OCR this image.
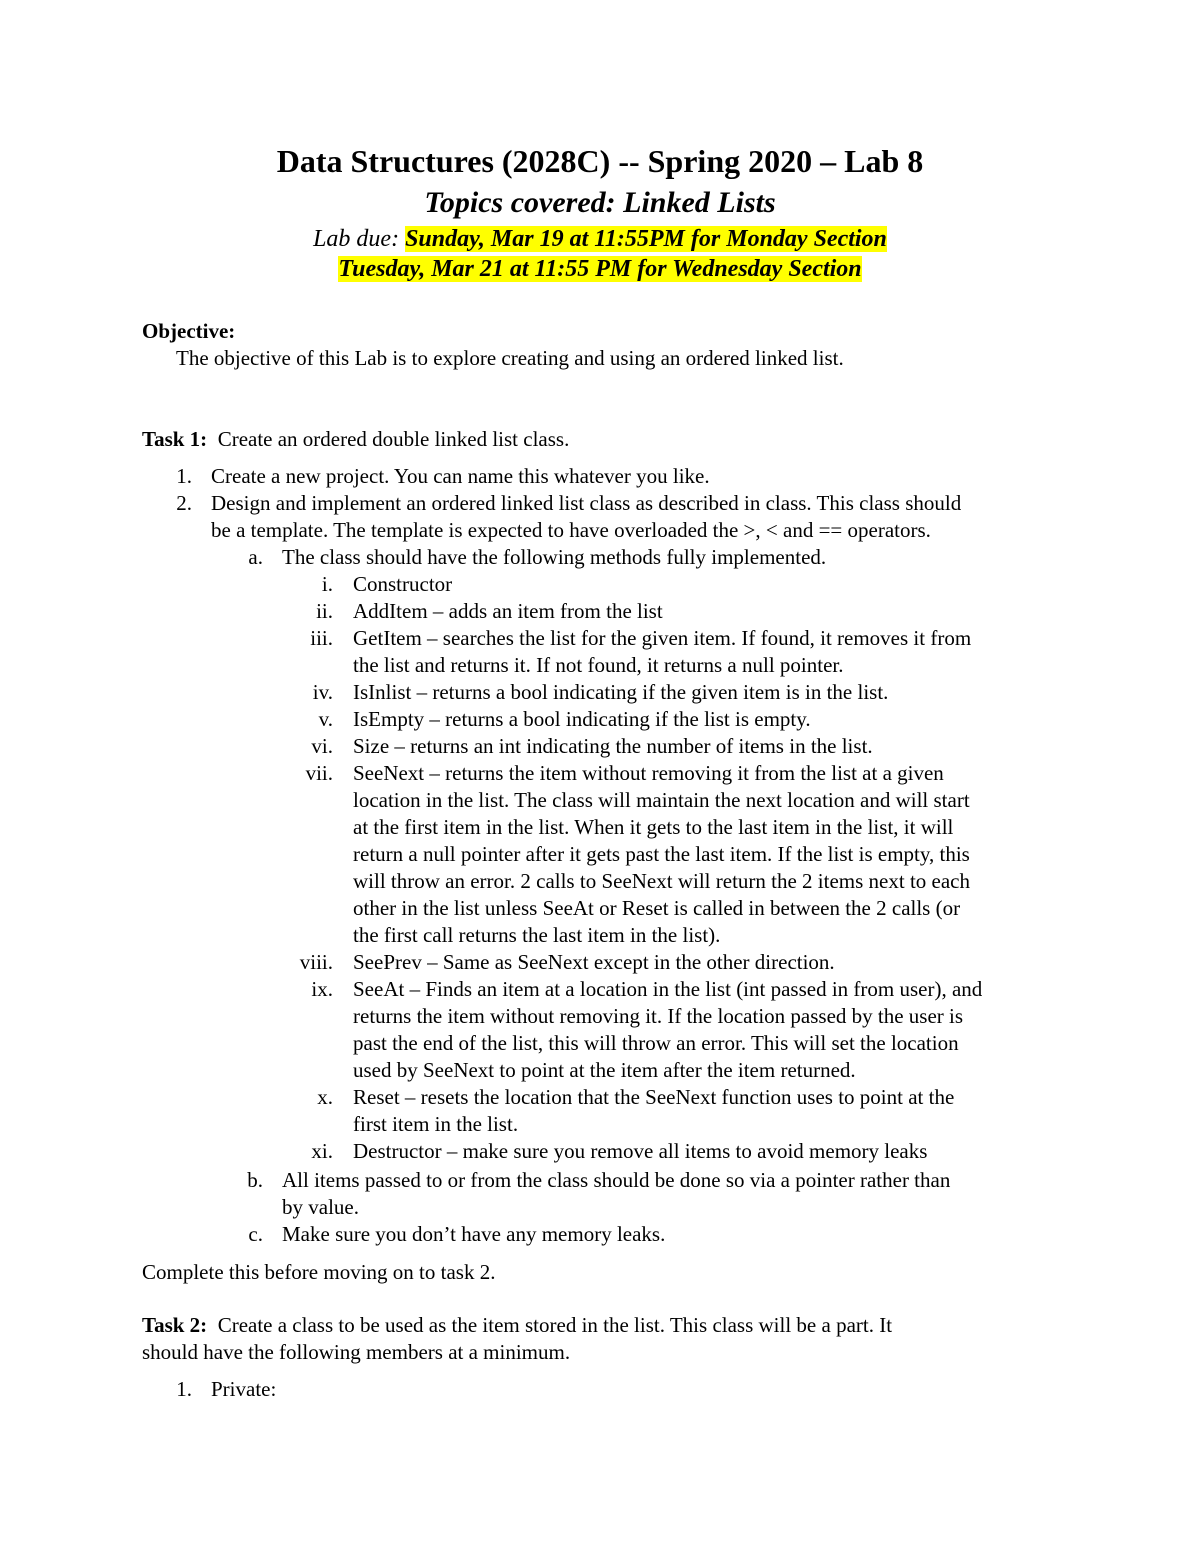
Data Structures (2028C) -- Spring 2020 – Lab 8
Topics covered: Linked Lists
Lab due: Sunday, Mar 19 at 11:55PM for Monday Section
Tuesday, Mar 21 at 11:55 PM for Wednesday Section
Objective:
The objective of this Lab is to explore creating and using an ordered linked list.
Task 1: Create an ordered double linked list class.
1. Create a new project. You can name this whatever you like.
2. Design and implement an ordered linked list class as described in class. This class should
be a template. The template is expected to have overloaded the >, < and == operators.
a. The class should have the following methods fully implemented.
i. Constructor
ii. AddItem – adds an item from the list
iii. GetItem – searches the list for the given item. If found, it removes it from
the list and returns it. If not found, it returns a null pointer.
iv. IsInlist – returns a bool indicating if the given item is in the list.
v. IsEmpty – returns a bool indicating if the list is empty.
vi. Size – returns an int indicating the number of items in the list.
vii. SeeNext – returns the item without removing it from the list at a given
location in the list. The class will maintain the next location and will start
at the first item in the list. When it gets to the last item in the list, it will
return a null pointer after it gets past the last item. If the list is empty, this
will throw an error. 2 calls to SeeNext will return the 2 items next to each
other in the list unless SeeAt or Reset is called in between the 2 calls (or
the first call returns the last item in the list).
viii. SeePrev – Same as SeeNext except in the other direction.
ix. SeeAt – Finds an item at a location in the list (int passed in from user), and
returns the item without removing it. If the location passed by the user is
past the end of the list, this will throw an error. This will set the location
used by SeeNext to point at the item after the item returned.
x. Reset – resets the location that the SeeNext function uses to point at the
first item in the list.
xi. Destructor – make sure you remove all items to avoid memory leaks
b. All items passed to or from the class should be done so via a pointer rather than
by value.
c. Make sure you don’t have any memory leaks.
Complete this before moving on to task 2.
Task 2: Create a class to be used as the item stored in the list. This class will be a part. It
should have the following members at a minimum.
1. Private:
